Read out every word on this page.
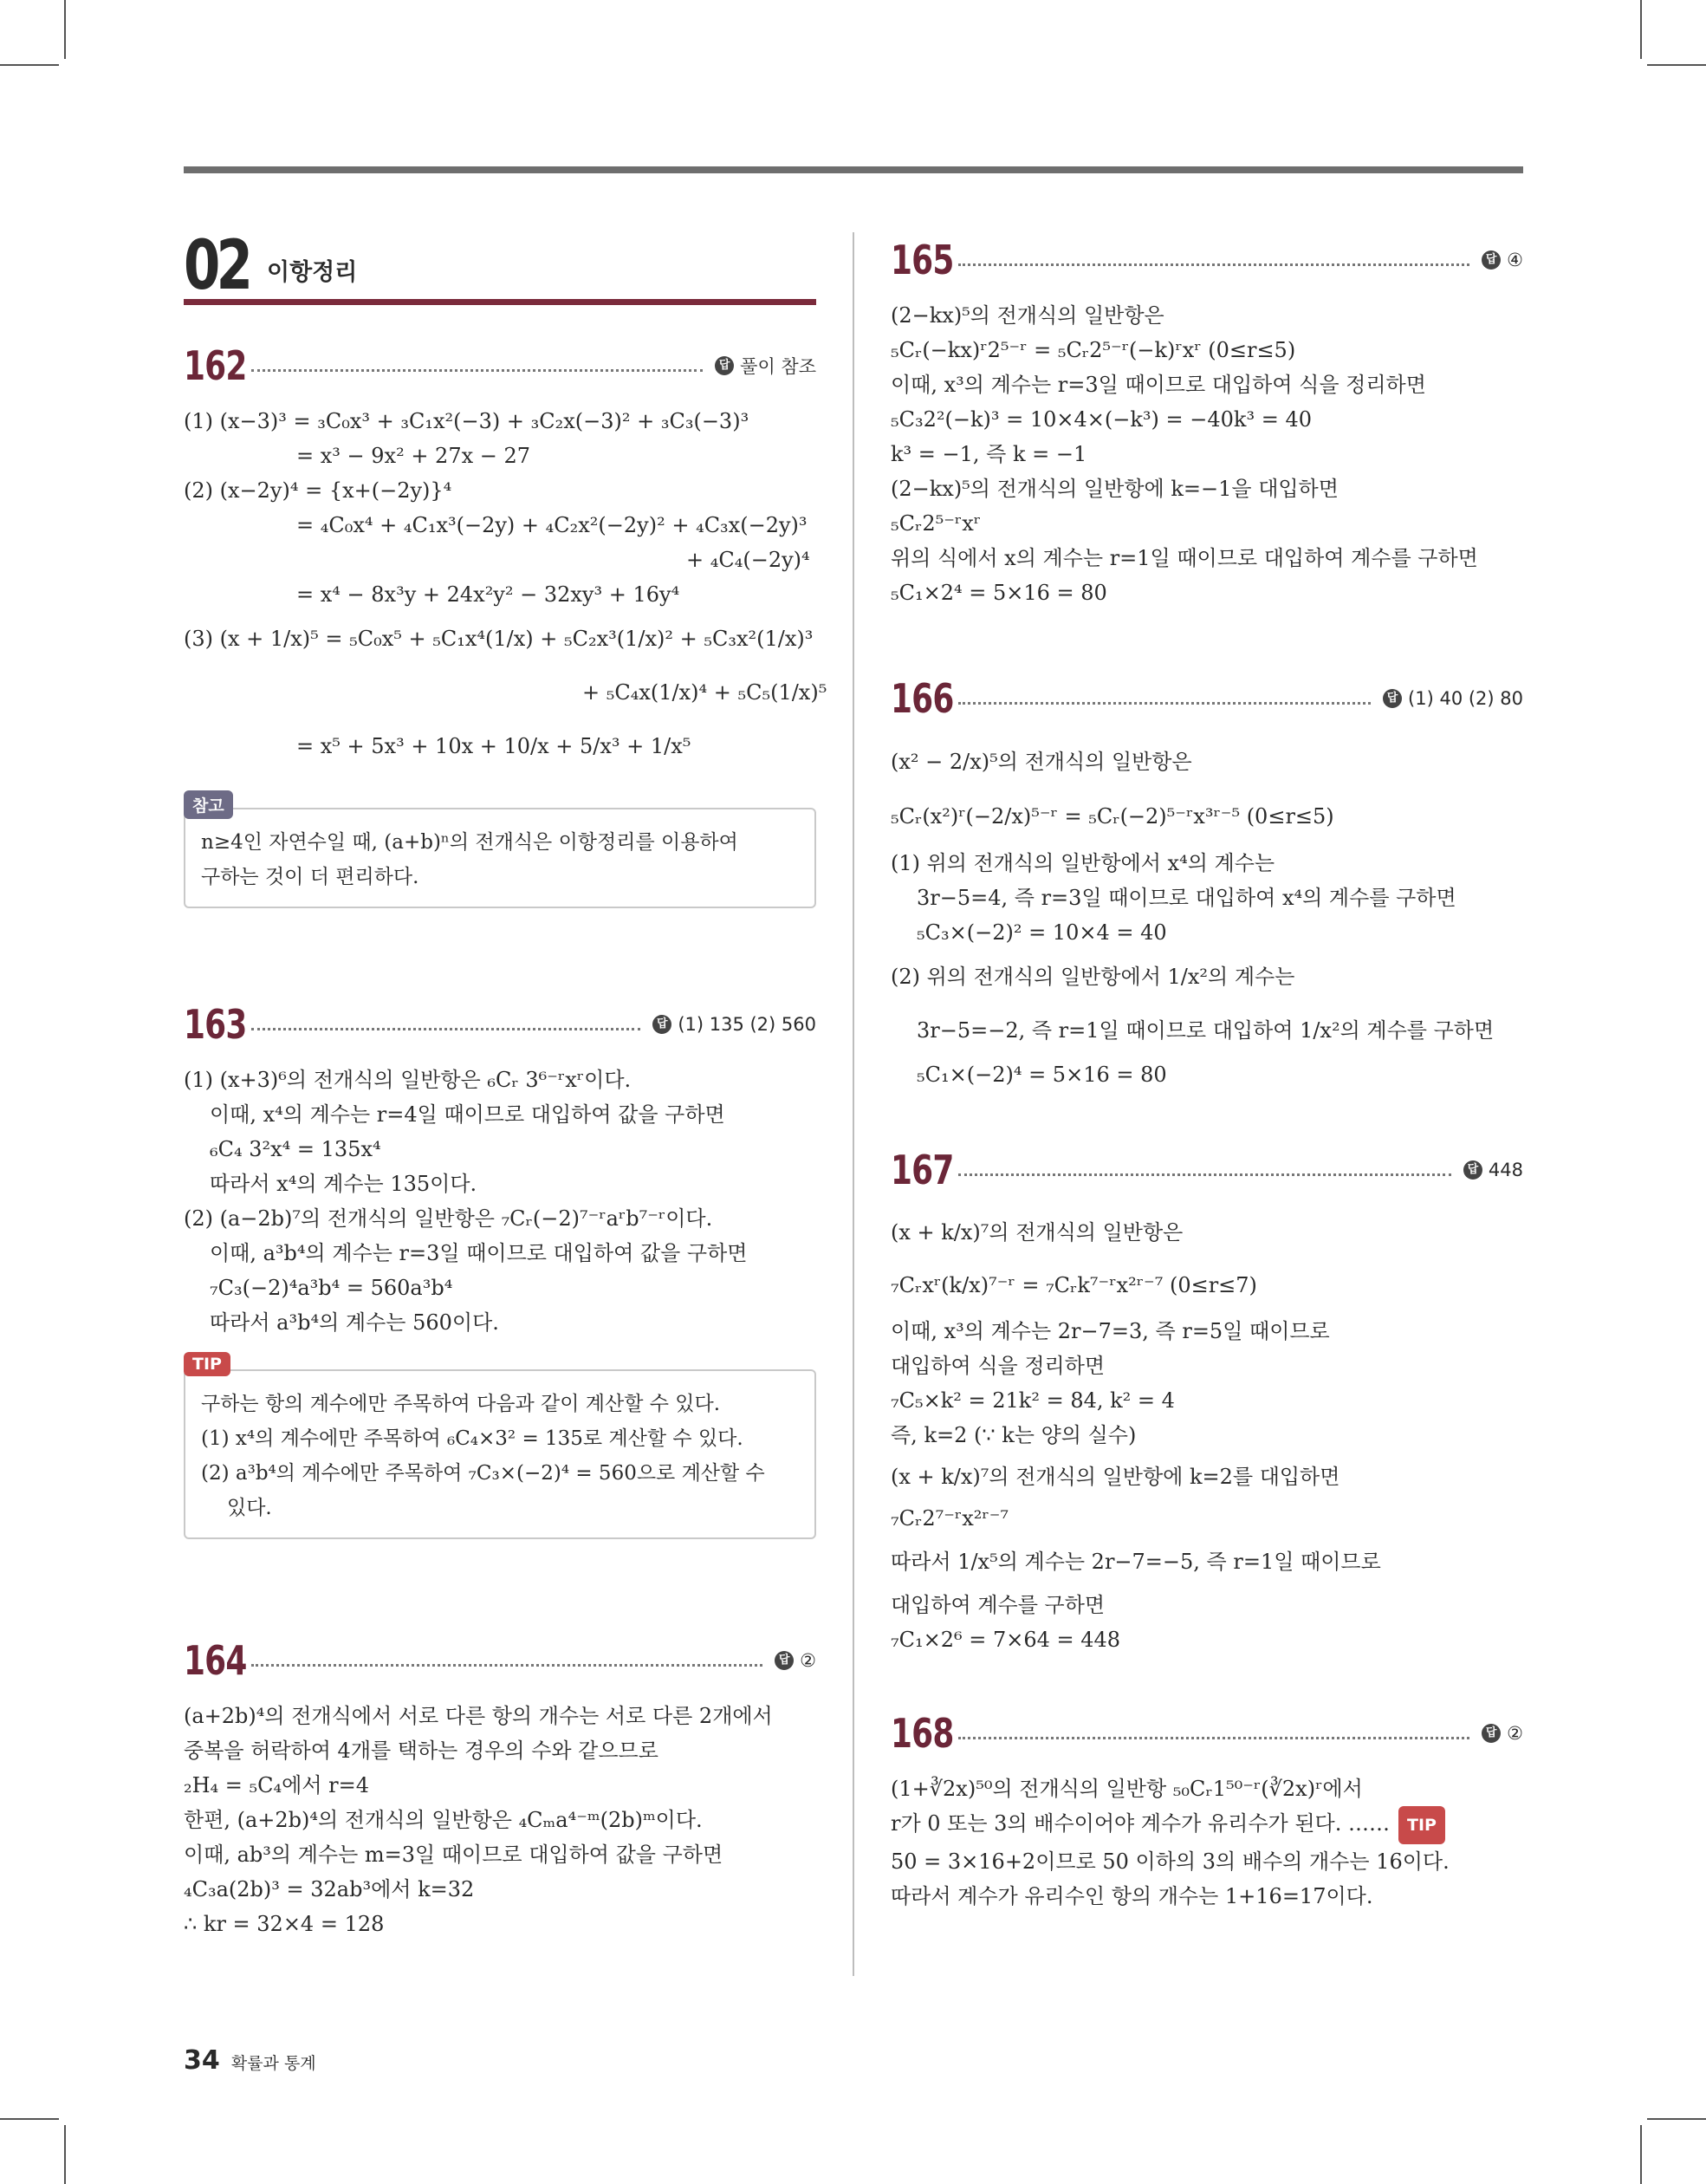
02 이항정리
162	답 풀이 참조
(1) (x−3)³ = ₃C₀x³ + ₃C₁x²(−3) + ₃C₂x(−3)² + ₃C₃(−3)³
= x³ − 9x² + 27x − 27
(2) (x−2y)⁴ = {x+(−2y)}⁴
= ₄C₀x⁴ + ₄C₁x³(−2y) + ₄C₂x²(−2y)² + ₄C₃x(−2y)³
+ ₄C₄(−2y)⁴
= x⁴ − 8x³y + 24x²y² − 32xy³ + 16y⁴
(3) (x + 1/x)⁵ = ₅C₀x⁵ + ₅C₁x⁴(1/x) + ₅C₂x³(1/x)² + ₅C₃x²(1/x)³
+ ₅C₄x(1/x)⁴ + ₅C₅(1/x)⁵
= x⁵ + 5x³ + 10x + 10/x + 5/x³ + 1/x⁵
참고
n≥4인 자연수일 때, (a+b)ⁿ의 전개식은 이항정리를 이용하여
구하는 것이 더 편리하다.
163	답 (1) 135 (2) 560
(1) (x+3)⁶의 전개식의 일반항은 ₆Cᵣ 3⁶⁻ʳxʳ이다.
이때, x⁴의 계수는 r=4일 때이므로 대입하여 값을 구하면
₆C₄ 3²x⁴ = 135x⁴
따라서 x⁴의 계수는 135이다.
(2) (a−2b)⁷의 전개식의 일반항은 ₇Cᵣ(−2)⁷⁻ʳaʳb⁷⁻ʳ이다.
이때, a³b⁴의 계수는 r=3일 때이므로 대입하여 값을 구하면
₇C₃(−2)⁴a³b⁴ = 560a³b⁴
따라서 a³b⁴의 계수는 560이다.
TIP
구하는 항의 계수에만 주목하여 다음과 같이 계산할 수 있다.
(1) x⁴의 계수에만 주목하여 ₆C₄×3² = 135로 계산할 수 있다.
(2) a³b⁴의 계수에만 주목하여 ₇C₃×(−2)⁴ = 560으로 계산할 수
있다.
164	답 ②
(a+2b)⁴의 전개식에서 서로 다른 항의 개수는 서로 다른 2개에서
중복을 허락하여 4개를 택하는 경우의 수와 같으므로
₂H₄ = ₅C₄에서 r=4
한편, (a+2b)⁴의 전개식의 일반항은 ₄Cₘa⁴⁻ᵐ(2b)ᵐ이다.
이때, ab³의 계수는 m=3일 때이므로 대입하여 값을 구하면
₄C₃a(2b)³ = 32ab³에서 k=32
∴ kr = 32×4 = 128
165	답 ④
(2−kx)⁵의 전개식의 일반항은
₅Cᵣ(−kx)ʳ2⁵⁻ʳ = ₅Cᵣ2⁵⁻ʳ(−k)ʳxʳ (0≤r≤5)
이때, x³의 계수는 r=3일 때이므로 대입하여 식을 정리하면
₅C₃2²(−k)³ = 10×4×(−k³) = −40k³ = 40
k³ = −1, 즉 k = −1
(2−kx)⁵의 전개식의 일반항에 k=−1을 대입하면
₅Cᵣ2⁵⁻ʳxʳ
위의 식에서 x의 계수는 r=1일 때이므로 대입하여 계수를 구하면
₅C₁×2⁴ = 5×16 = 80
166	답 (1) 40 (2) 80
(x² − 2/x)⁵의 전개식의 일반항은
₅Cᵣ(x²)ʳ(−2/x)⁵⁻ʳ = ₅Cᵣ(−2)⁵⁻ʳx³ʳ⁻⁵ (0≤r≤5)
(1) 위의 전개식의 일반항에서 x⁴의 계수는
3r−5=4, 즉 r=3일 때이므로 대입하여 x⁴의 계수를 구하면
₅C₃×(−2)² = 10×4 = 40
(2) 위의 전개식의 일반항에서 1/x²의 계수는
3r−5=−2, 즉 r=1일 때이므로 대입하여 1/x²의 계수를 구하면
₅C₁×(−2)⁴ = 5×16 = 80
167	답 448
(x + k/x)⁷의 전개식의 일반항은
₇Cᵣxʳ(k/x)⁷⁻ʳ = ₇Cᵣk⁷⁻ʳx²ʳ⁻⁷ (0≤r≤7)
이때, x³의 계수는 2r−7=3, 즉 r=5일 때이므로
대입하여 식을 정리하면
₇C₅×k² = 21k² = 84, k² = 4
즉, k=2 (∵ k는 양의 실수)
(x + k/x)⁷의 전개식의 일반항에 k=2를 대입하면
₇Cᵣ2⁷⁻ʳx²ʳ⁻⁷
따라서 1/x⁵의 계수는 2r−7=−5, 즉 r=1일 때이므로
대입하여 계수를 구하면
₇C₁×2⁶ = 7×64 = 448
168	답 ②
(1+∛2x)⁵⁰의 전개식의 일반항 ₅₀Cᵣ1⁵⁰⁻ʳ(∛2x)ʳ에서
r가 0 또는 3의 배수이어야 계수가 유리수가 된다. …… TIP
50 = 3×16+2이므로 50 이하의 3의 배수의 개수는 16이다.
따라서 계수가 유리수인 항의 개수는 1+16=17이다.
34 확률과 통계
